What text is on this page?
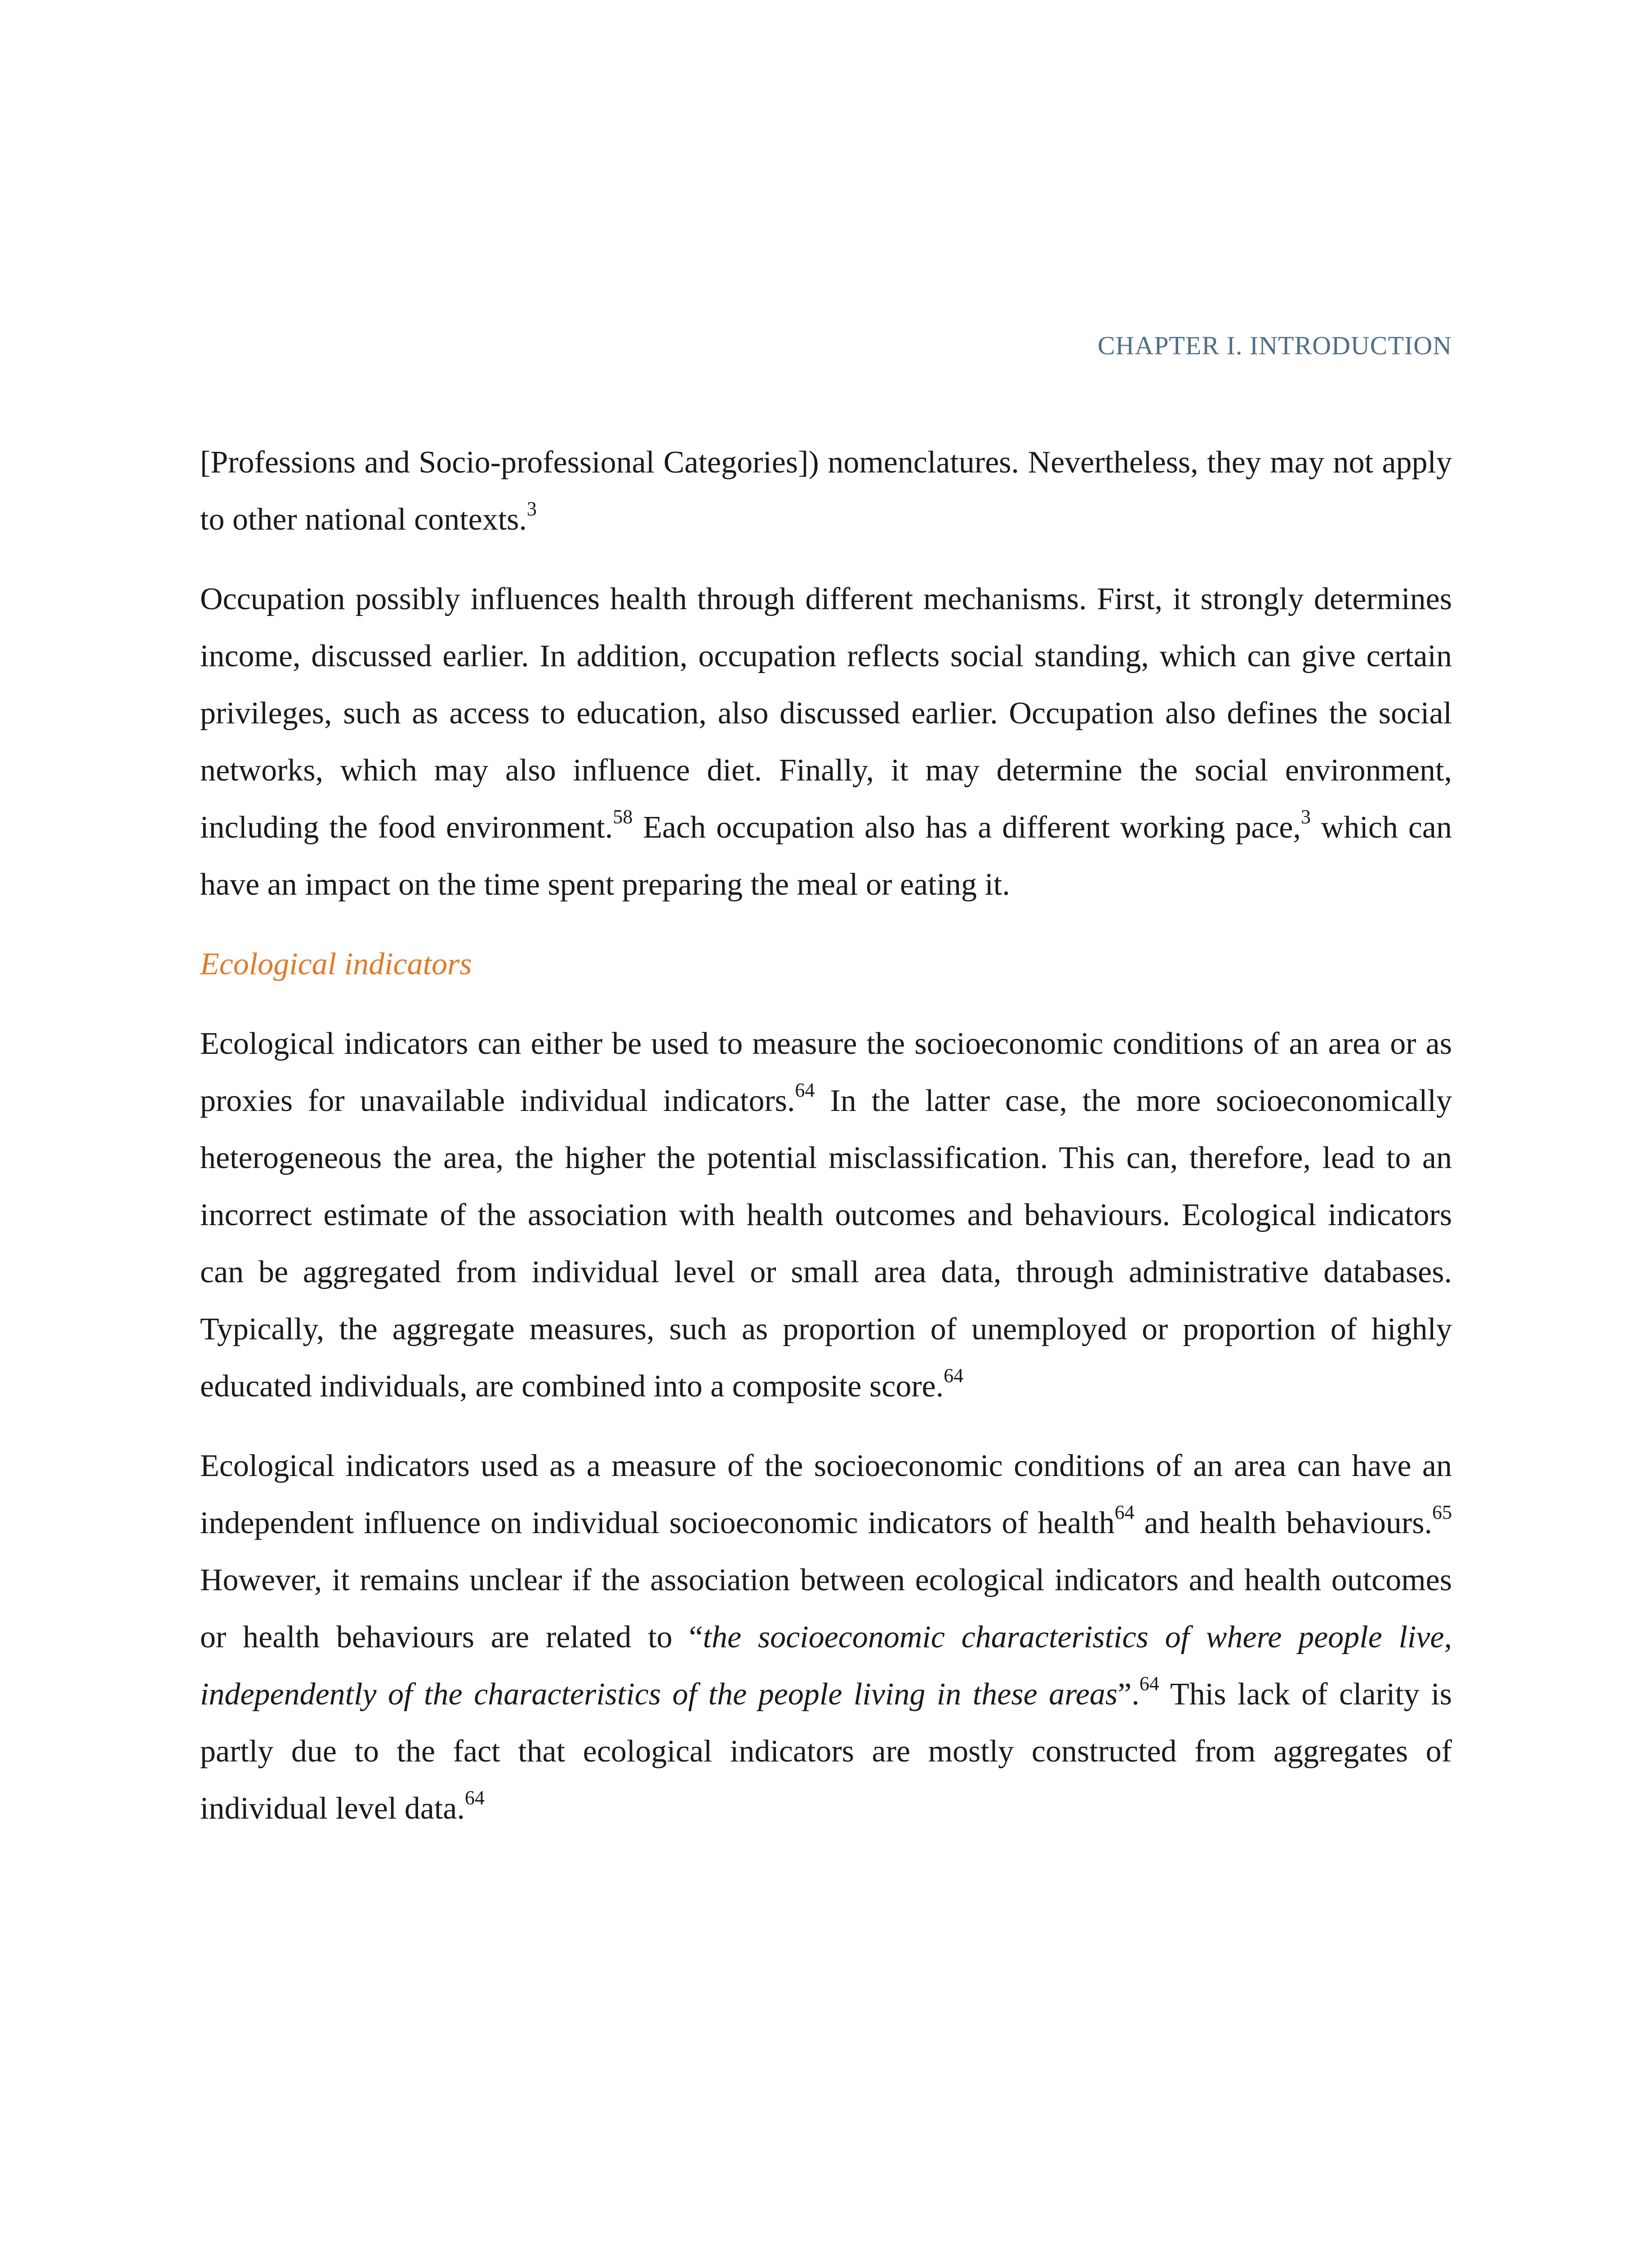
CHAPTER I. INTRODUCTION

[Professions and Socio-professional Categories]) nomenclatures. Nevertheless, they may not apply to other national contexts.$^3$

Occupation possibly influences health through different mechanisms. First, it strongly determines income, discussed earlier. In addition, occupation reflects social standing, which can give certain privileges, such as access to education, also discussed earlier. Occupation also defines the social networks, which may also influence diet. Finally, it may determine the social environment, including the food environment.$^{58}$ Each occupation also has a different working pace,$^3$ which can have an impact on the time spent preparing the meal or eating it.

Ecological indicators

Ecological indicators can either be used to measure the socioeconomic conditions of an area or as proxies for unavailable individual indicators.$^{64}$ In the latter case, the more socioeconomically heterogeneous the area, the higher the potential misclassification. This can, therefore, lead to an incorrect estimate of the association with health outcomes and behaviours. Ecological indicators can be aggregated from individual level or small area data, through administrative databases. Typically, the aggregate measures, such as proportion of unemployed or proportion of highly educated individuals, are combined into a composite score.$^{64}$

Ecological indicators used as a measure of the socioeconomic conditions of an area can have an independent influence on individual socioeconomic indicators of health$^{64}$ and health behaviours.$^{65}$ However, it remains unclear if the association between ecological indicators and health outcomes or health behaviours are related to “the socioeconomic characteristics of where people live, independently of the characteristics of the people living in these areas”.$^{64}$ This lack of clarity is partly due to the fact that ecological indicators are mostly constructed from aggregates of individual level data.$^{64}$
